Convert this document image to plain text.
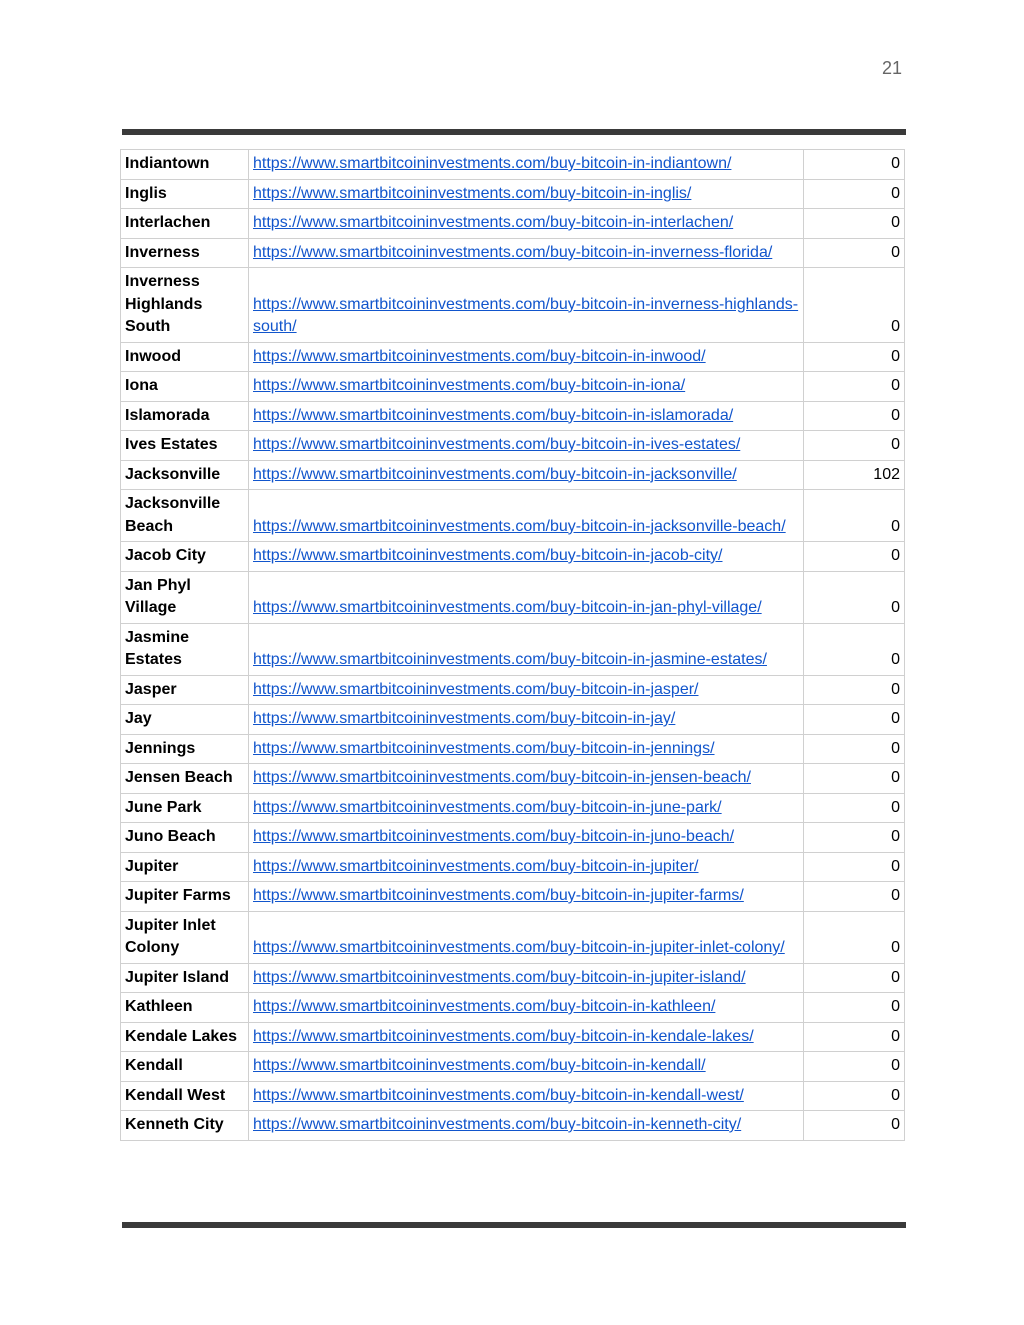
21
Indiantown	https://www.smartbitcoininvestments.com/buy-bitcoin-in-indiantown/	0
Inglis	https://www.smartbitcoininvestments.com/buy-bitcoin-in-inglis/	0
Interlachen	https://www.smartbitcoininvestments.com/buy-bitcoin-in-interlachen/	0
Inverness	https://www.smartbitcoininvestments.com/buy-bitcoin-in-inverness-florida/	0
Inverness Highlands South	https://www.smartbitcoininvestments.com/buy-bitcoin-in-inverness-highlands-south/	0
Inwood	https://www.smartbitcoininvestments.com/buy-bitcoin-in-inwood/	0
Iona	https://www.smartbitcoininvestments.com/buy-bitcoin-in-iona/	0
Islamorada	https://www.smartbitcoininvestments.com/buy-bitcoin-in-islamorada/	0
Ives Estates	https://www.smartbitcoininvestments.com/buy-bitcoin-in-ives-estates/	0
Jacksonville	https://www.smartbitcoininvestments.com/buy-bitcoin-in-jacksonville/	102
Jacksonville Beach	https://www.smartbitcoininvestments.com/buy-bitcoin-in-jacksonville-beach/	0
Jacob City	https://www.smartbitcoininvestments.com/buy-bitcoin-in-jacob-city/	0
Jan Phyl Village	https://www.smartbitcoininvestments.com/buy-bitcoin-in-jan-phyl-village/	0
Jasmine Estates	https://www.smartbitcoininvestments.com/buy-bitcoin-in-jasmine-estates/	0
Jasper	https://www.smartbitcoininvestments.com/buy-bitcoin-in-jasper/	0
Jay	https://www.smartbitcoininvestments.com/buy-bitcoin-in-jay/	0
Jennings	https://www.smartbitcoininvestments.com/buy-bitcoin-in-jennings/	0
Jensen Beach	https://www.smartbitcoininvestments.com/buy-bitcoin-in-jensen-beach/	0
June Park	https://www.smartbitcoininvestments.com/buy-bitcoin-in-june-park/	0
Juno Beach	https://www.smartbitcoininvestments.com/buy-bitcoin-in-juno-beach/	0
Jupiter	https://www.smartbitcoininvestments.com/buy-bitcoin-in-jupiter/	0
Jupiter Farms	https://www.smartbitcoininvestments.com/buy-bitcoin-in-jupiter-farms/	0
Jupiter Inlet Colony	https://www.smartbitcoininvestments.com/buy-bitcoin-in-jupiter-inlet-colony/	0
Jupiter Island	https://www.smartbitcoininvestments.com/buy-bitcoin-in-jupiter-island/	0
Kathleen	https://www.smartbitcoininvestments.com/buy-bitcoin-in-kathleen/	0
Kendale Lakes	https://www.smartbitcoininvestments.com/buy-bitcoin-in-kendale-lakes/	0
Kendall	https://www.smartbitcoininvestments.com/buy-bitcoin-in-kendall/	0
Kendall West	https://www.smartbitcoininvestments.com/buy-bitcoin-in-kendall-west/	0
Kenneth City	https://www.smartbitcoininvestments.com/buy-bitcoin-in-kenneth-city/	0
